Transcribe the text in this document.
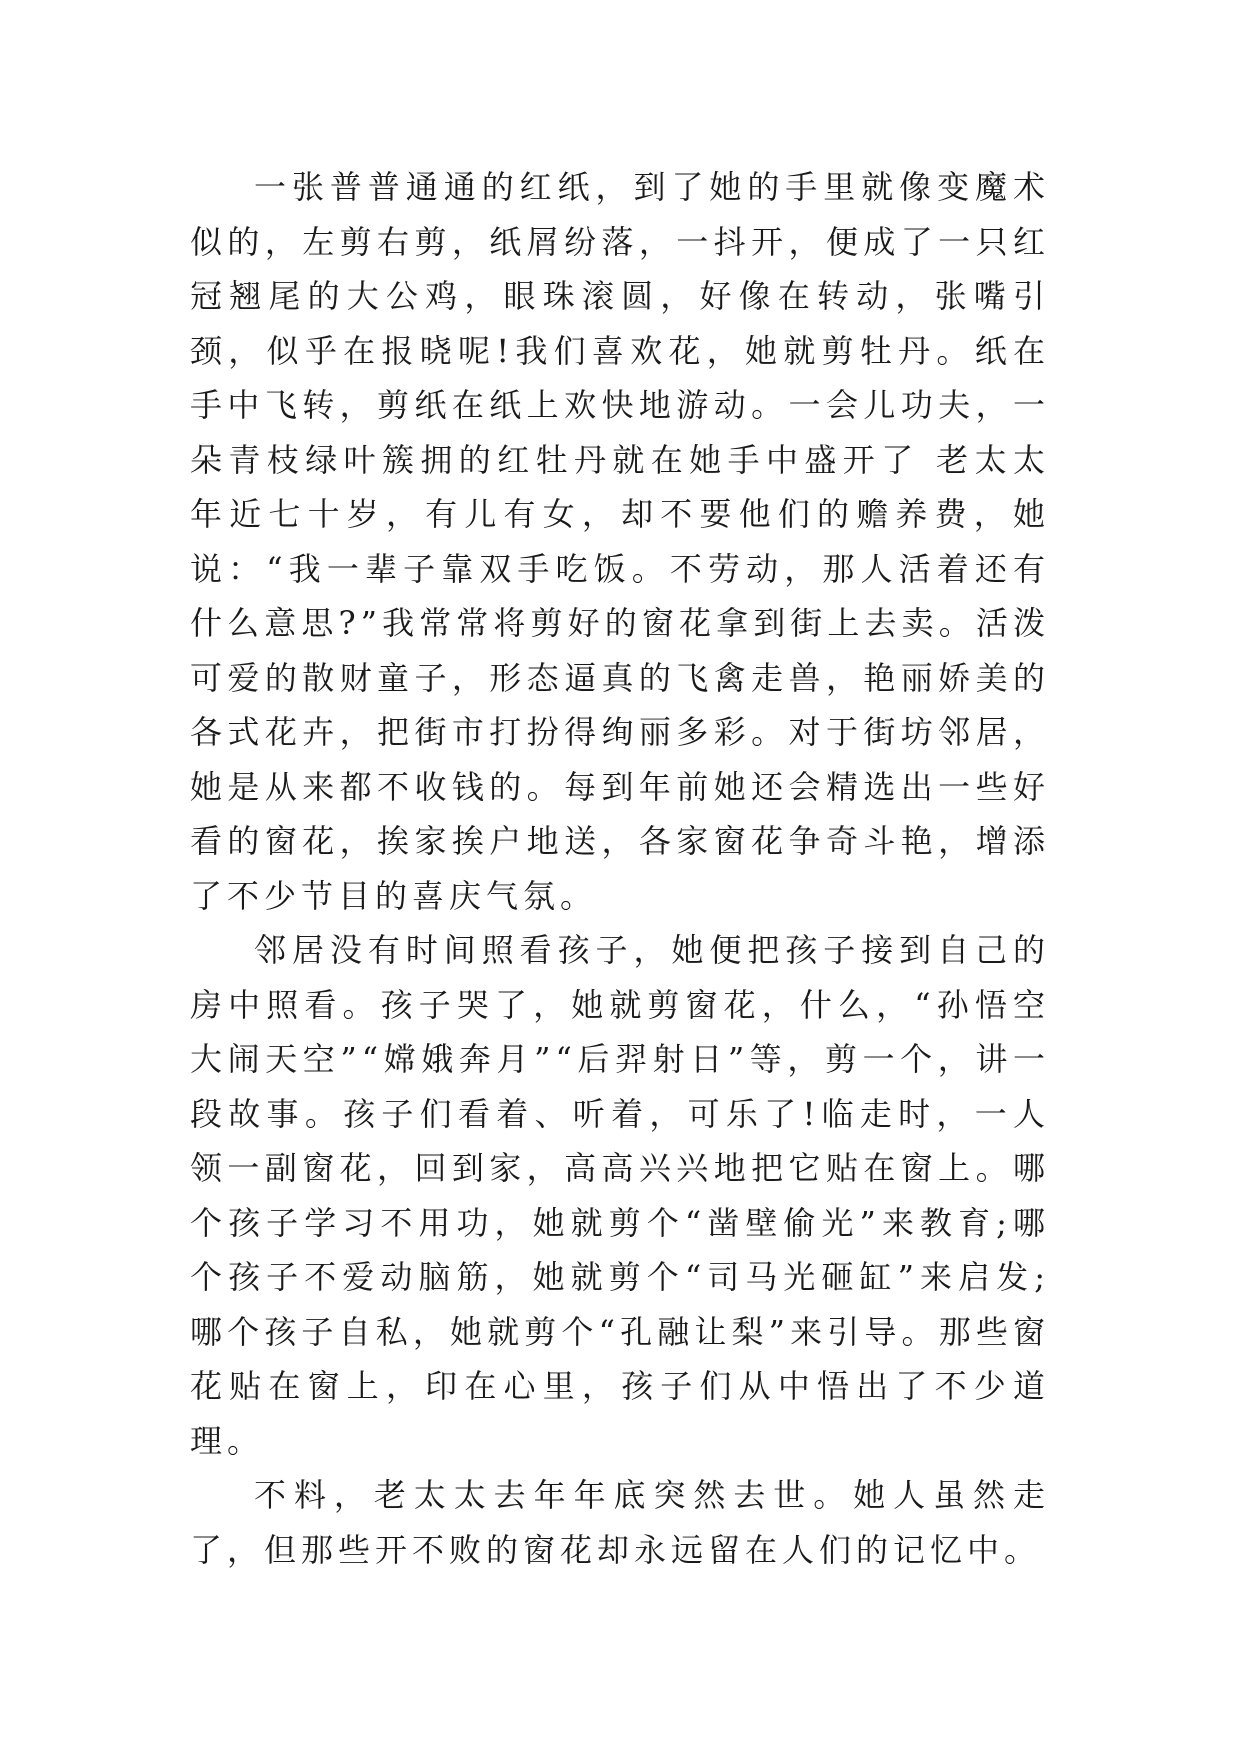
一张普普通通的红纸，到了她的手里就像变魔术似的，左剪右剪，纸屑纷落，一抖开，便成了一只红冠翘尾的大公鸡，眼珠滚圆，好像在转动，张嘴引颈，似乎在报晓呢!我们喜欢花，她就剪牡丹。纸在手中飞转，剪纸在纸上欢快地游动。一会儿功夫，一朵青枝绿叶簇拥的红牡丹就在她手中盛开了 老太太年近七十岁，有儿有女，却不要他们的赡养费，她说：“我一辈子靠双手吃饭。不劳动，那人活着还有什么意思?”我常常将剪好的窗花拿到街上去卖。活泼可爱的散财童子，形态逼真的飞禽走兽，艳丽娇美的各式花卉，把街市打扮得绚丽多彩。对于街坊邻居，她是从来都不收钱的。每到年前她还会精选出一些好看的窗花，挨家挨户地送，各家窗花争奇斗艳，增添了不少节目的喜庆气氛。

邻居没有时间照看孩子，她便把孩子接到自己的房中照看。孩子哭了，她就剪窗花，什么，“孙悟空大闹天空”“嫦娥奔月”“后羿射日”等，剪一个，讲一段故事。孩子们看着、听着，可乐了!临走时，一人领一副窗花，回到家，高高兴兴地把它贴在窗上。哪个孩子学习不用功，她就剪个“凿壁偷光”来教育;哪个孩子不爱动脑筋，她就剪个“司马光砸缸”来启发;哪个孩子自私，她就剪个“孔融让梨”来引导。那些窗花贴在窗上，印在心里，孩子们从中悟出了不少道理。

不料，老太太去年年底突然去世。她人虽然走了，但那些开不败的窗花却永远留在人们的记忆中。
